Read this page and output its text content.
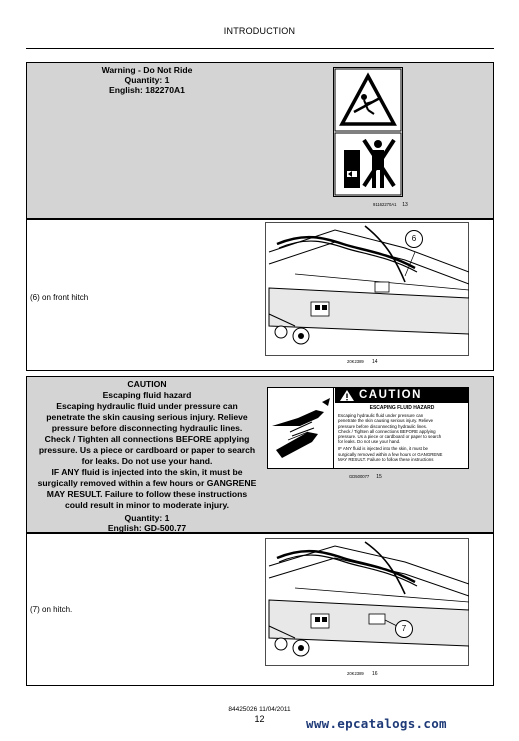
INTRODUCTION
Warning - Do Not Ride
Quantity: 1
English: 182270A1
91162270A1 13
(6) on front hitch
6
20K2389 14
CAUTION
Escaping fluid hazard
Escaping hydraulic fluid under pressure can
penetrate the skin causing serious injury. Relieve
pressure before disconnecting hydraulic lines.
Check / Tighten all connections BEFORE applying
pressure. Us a piece or cardboard or paper to search
for leaks. Do not use your hand.
IF ANY fluid is injected into the skin, it must be
surgically removed within a few hours or GANGRENE
MAY RESULT. Failure to follow these instructions
could result in minor to moderate injury.
Quantity: 1
English: GD-500.77
CAUTION
ESCAPING FLUID HAZARD
Escaping hydraulic fluid under pressure can
penetrate the skin causing serious injury. Relieve
pressure before disconnecting hydraulic lines.
Check / Tighten all connections BEFORE applying
pressure. Us a piece or cardboard or paper to search
for leaks. Do not use your hand.
IF ANY fluid is injected into the skin, it must be
surgically removed within a few hours or GANGRENE
MAY RESULT. Failure to follow these instructions
GD500077 15
(7) on hitch.
7
20K2389 16
84425026 11/04/2011
12	www.epcatalogs.com
